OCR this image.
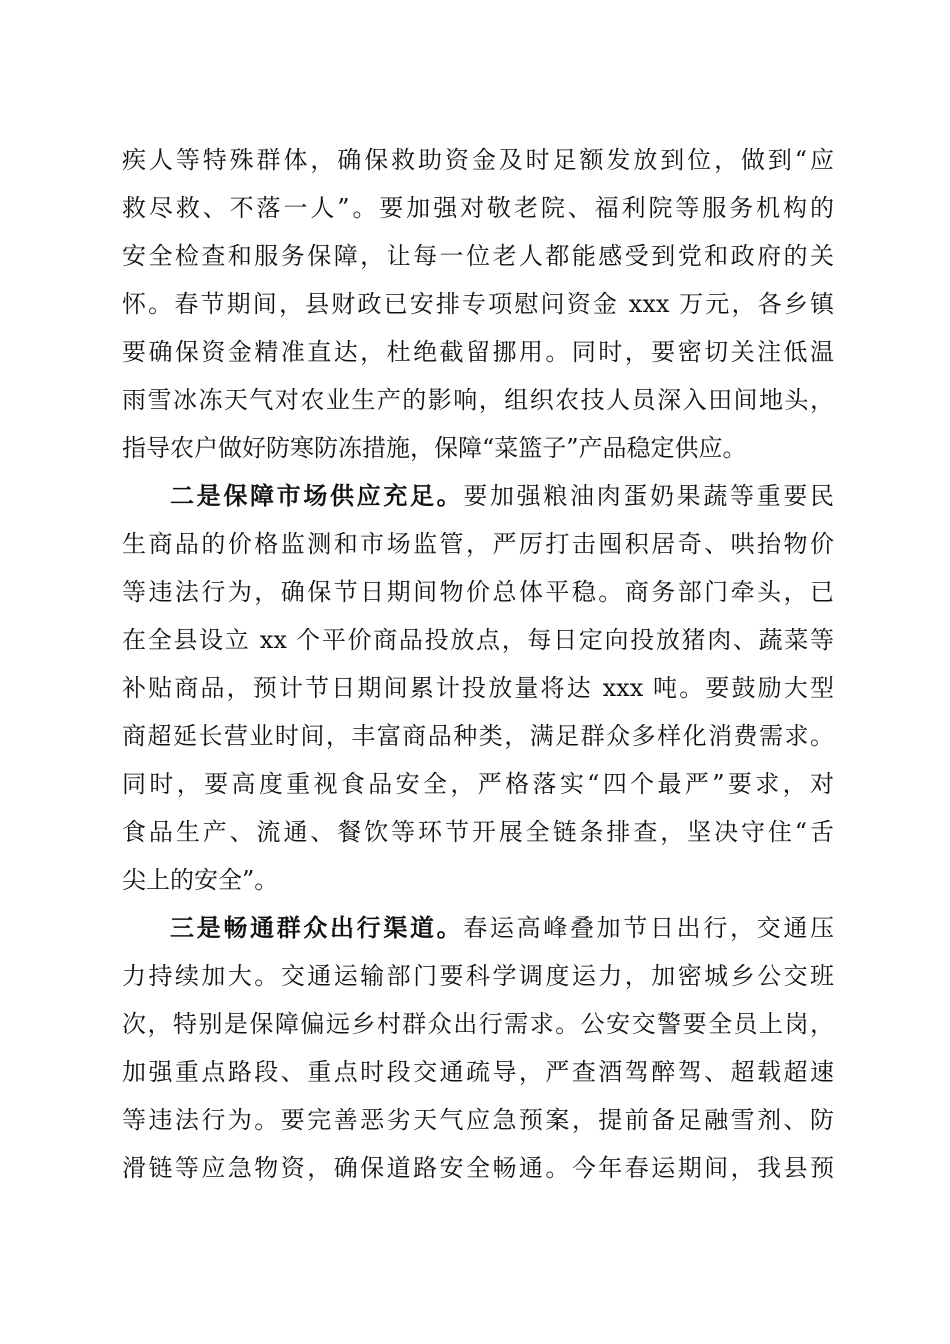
疾人等特殊群体，确保救助资金及时足额发放到位，做到“应
救尽救、不落一人”。要加强对敬老院、福利院等服务机构的
安全检查和服务保障，让每一位老人都能感受到党和政府的关
怀。春节期间，县财政已安排专项慰问资金 xxx 万元，各乡镇
要确保资金精准直达，杜绝截留挪用。同时，要密切关注低温
雨雪冰冻天气对农业生产的影响，组织农技人员深入田间地头，
指导农户做好防寒防冻措施，保障“菜篮子”产品稳定供应。
二是保障市场供应充足。要加强粮油肉蛋奶果蔬等重要民
生商品的价格监测和市场监管，严厉打击囤积居奇、哄抬物价
等违法行为，确保节日期间物价总体平稳。商务部门牵头，已
在全县设立 xx 个平价商品投放点，每日定向投放猪肉、蔬菜等
补贴商品，预计节日期间累计投放量将达 xxx 吨。要鼓励大型
商超延长营业时间，丰富商品种类，满足群众多样化消费需求。
同时，要高度重视食品安全，严格落实“四个最严”要求，对
食品生产、流通、餐饮等环节开展全链条排查，坚决守住“舌
尖上的安全”。
三是畅通群众出行渠道。春运高峰叠加节日出行，交通压
力持续加大。交通运输部门要科学调度运力，加密城乡公交班
次，特别是保障偏远乡村群众出行需求。公安交警要全员上岗，
加强重点路段、重点时段交通疏导，严查酒驾醉驾、超载超速
等违法行为。要完善恶劣天气应急预案，提前备足融雪剂、防
滑链等应急物资，确保道路安全畅通。今年春运期间，我县预
